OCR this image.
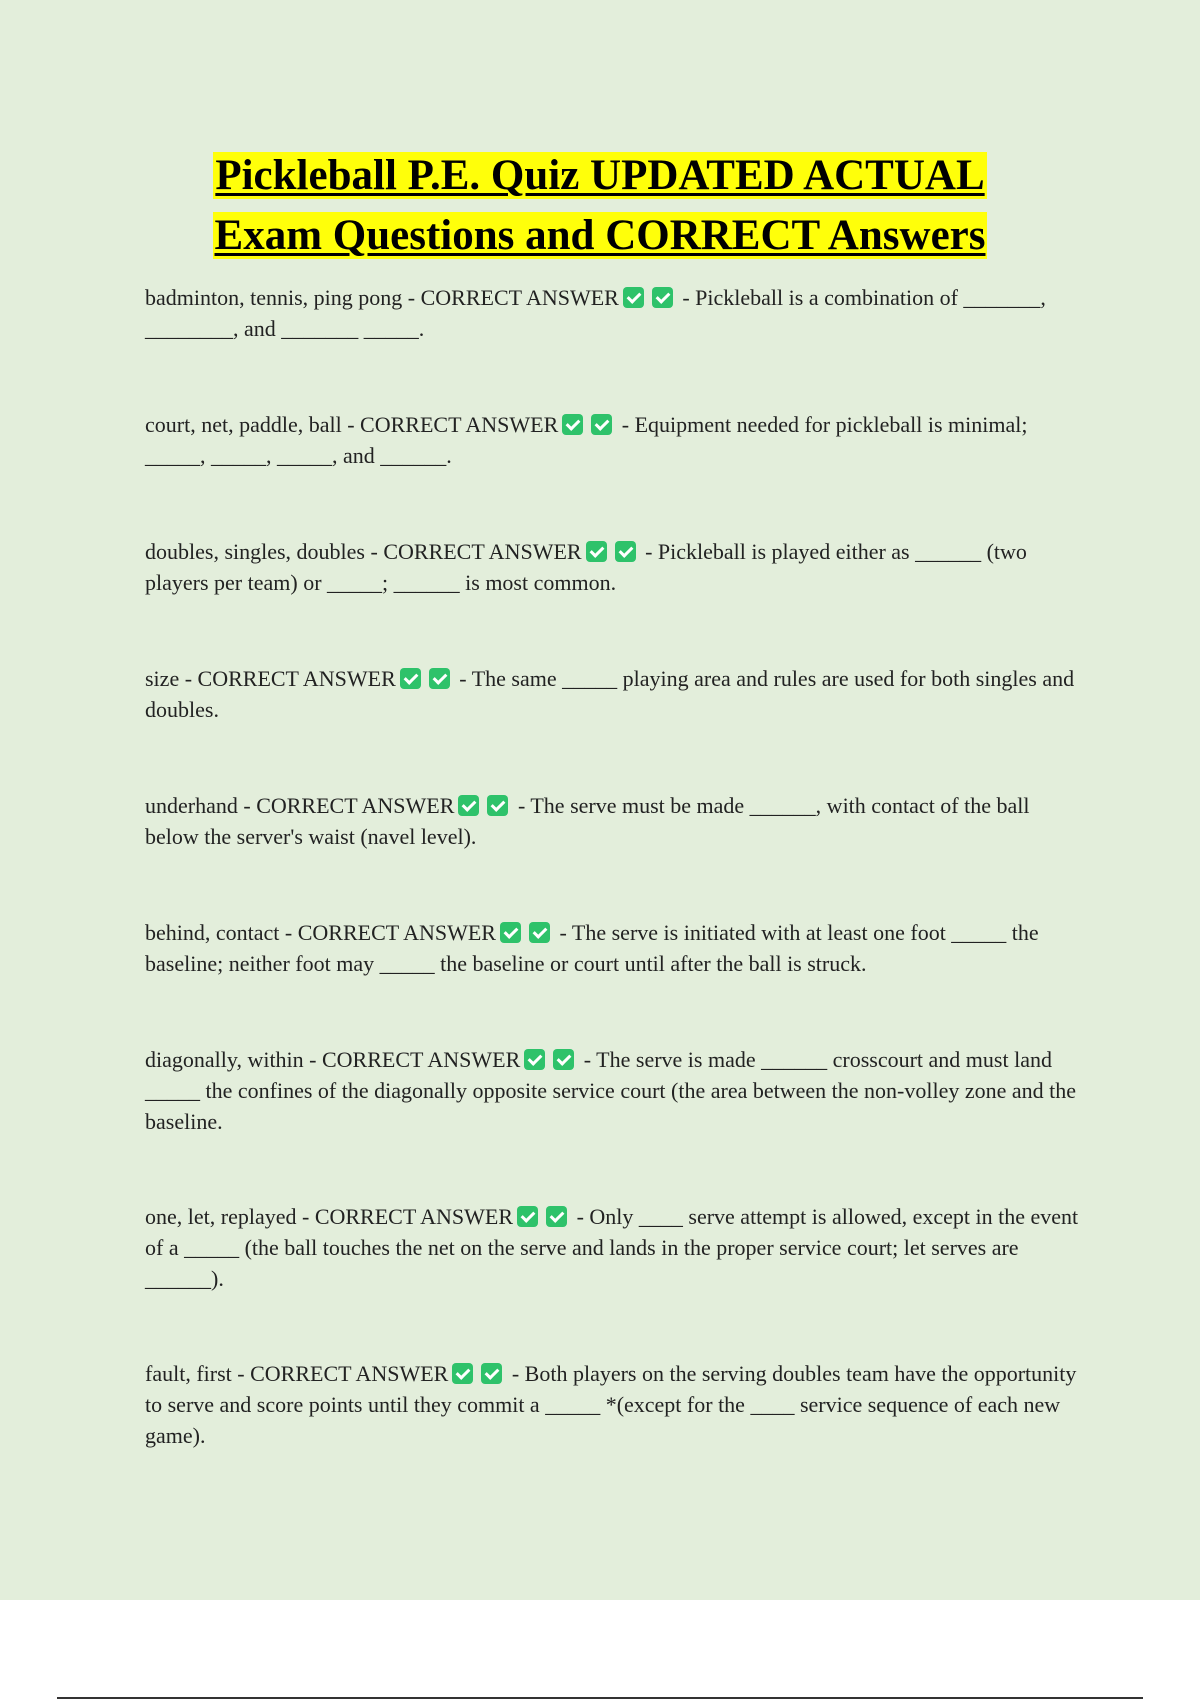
Pickleball P.E. Quiz UPDATED ACTUAL
Exam Questions and CORRECT Answers

badminton, tennis, ping pong - CORRECT ANSWER	- Pickleball is a combination of _______, ________, and _______ _____.

court, net, paddle, ball - CORRECT ANSWER	- Equipment needed for pickleball is minimal; _____, _____, _____, and ______.

doubles, singles, doubles - CORRECT ANSWER	- Pickleball is played either as ______ (two players per team) or _____; ______ is most common.

size - CORRECT ANSWER	- The same _____ playing area and rules are used for both singles and doubles.

underhand - CORRECT ANSWER	- The serve must be made ______, with contact of the ball below the server's waist (navel level).

behind, contact - CORRECT ANSWER	- The serve is initiated with at least one foot _____ the baseline; neither foot may _____ the baseline or court until after the ball is struck.

diagonally, within - CORRECT ANSWER	- The serve is made ______ crosscourt and must land _____ the confines of the diagonally opposite service court (the area between the non-volley zone and the baseline.

one, let, replayed - CORRECT ANSWER	- Only ____ serve attempt is allowed, except in the event of a _____ (the ball touches the net on the serve and lands in the proper service court; let serves are ______).

fault, first - CORRECT ANSWER	- Both players on the serving doubles team have the opportunity to serve and score points until they commit a _____ *(except for the ____ service sequence of each new game).
